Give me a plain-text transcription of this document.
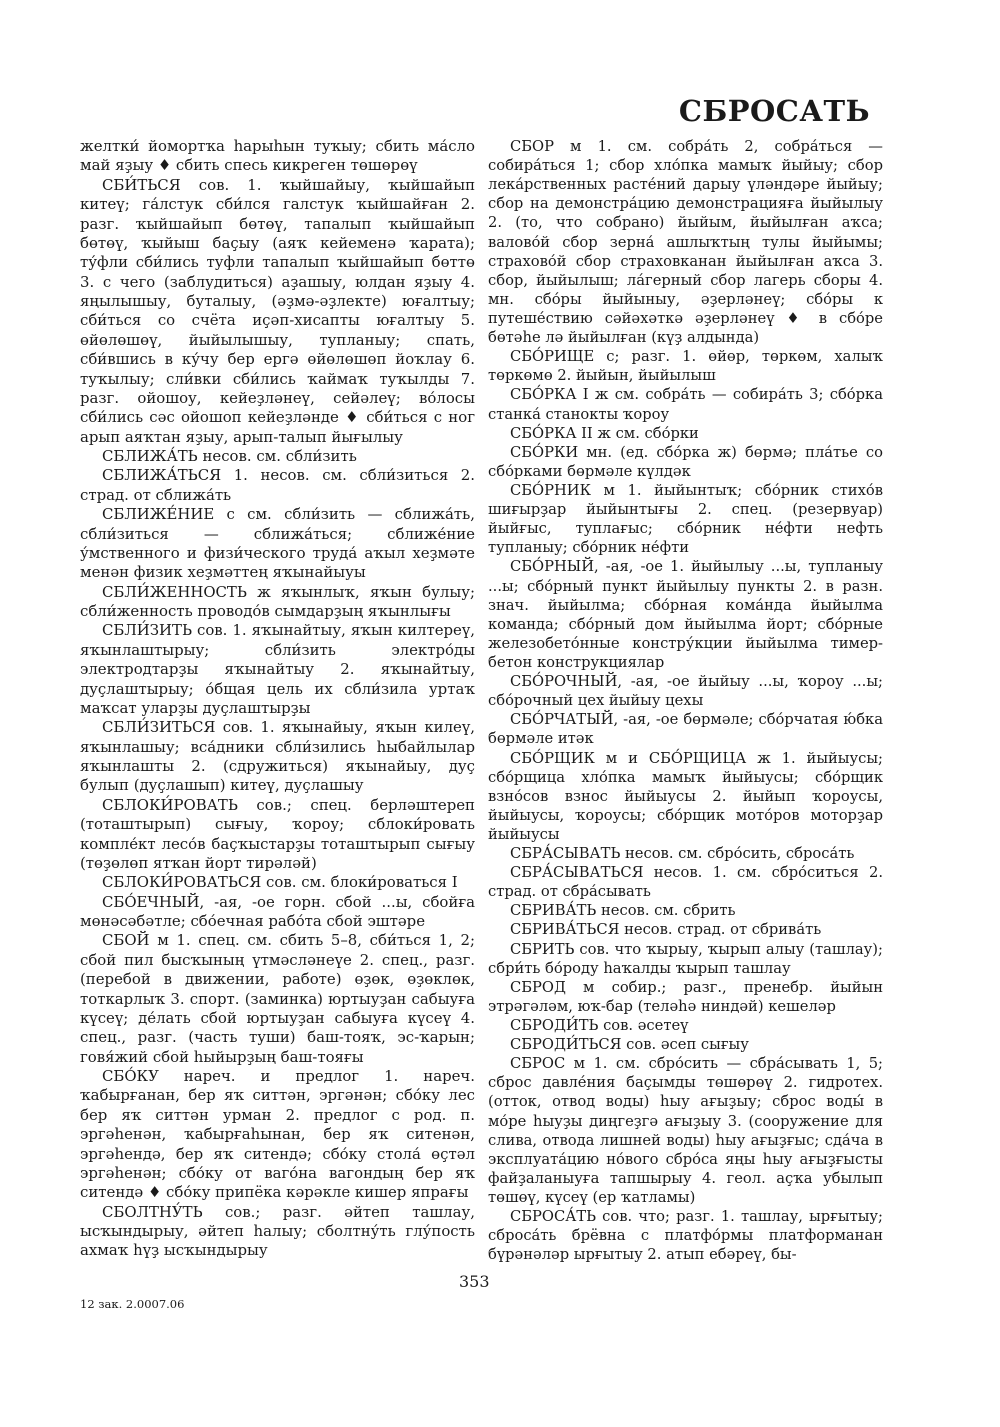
СБРОСАТЬ

желтки́ йомортҡа һарыһын туҡыу; сбить ма́сло май яҙыу ♦ сбить спесь кикреген төшөрөү

СБИ́ТЬСЯ сов. 1. ҡыйшайыу, ҡыйшайып китеү; га́лстук сби́лся галстук ҡыйшайған 2. разг. ҡыйшайып бөтөү, тапалып ҡыйшайып бөтөү, ҡыйыш баҫыу (аяҡ кейеменә ҡарата); ту́фли сби́лись туфли тапалып ҡыйшайып бөттө 3. с чего (заблудиться) аҙашыу, юлдан яҙыу 4. яңылышыу, буталыу, (әҙмә-әҙлекте) юғалтыу; сби́ться со счёта иҫәп-хисапты юғалтыу 5. өйөлөшөү, йыйылышыу, тупланыу; спать, сби́вшись в ку́чу бер ергә өйөлөшөп йоҡлау 6. туҡылыу; сли́вки сби́лись ҡаймаҡ туҡылды 7. разг. ойошоу, кейеҙләнеү, сейәлеү; во́лосы сби́лись сәс ойошоп кейеҙләнде ♦ сби́ться с ног арып аяҡтан яҙыу, арып-талып йығылыу

СБЛИЖА́ТЬ несов. см. сбли́зить

СБЛИЖА́ТЬСЯ 1. несов. см. сбли́зиться 2. страд. от сближа́ть

СБЛИЖЕ́НИЕ с см. сбли́зить — сближа́ть, сбли́зиться — сближа́ться; сближе́ние у́мственного и физи́ческого труда́ аҡыл хеҙмәте менән физик хеҙмәттең яҡынайыуы

СБЛИ́ЖЕННОСТЬ ж яҡынлыҡ, яҡын булыу; сбли́женность проводо́в сымдарҙың яҡынлығы

СБЛИ́ЗИТЬ сов. 1. яҡынайтыу, яҡын килтереү, яҡынлаштырыу; сбли́зить электро́ды электродтарҙы яҡынайтыу 2. яҡынайтыу, дуҫлаштырыу; о́бщая цель их сбли́зила уртаҡ маҡсат уларҙы дуҫлаштырҙы

СБЛИ́ЗИТЬСЯ сов. 1. яҡынайыу, яҡын килеү, яҡынлашыу; вса́дники сбли́зились һыбайлылар яҡынлашты 2. (сдружиться) яҡынайыу, дуҫ булып (дуҫлашып) китеү, дуҫлашыу

СБЛОКИ́РОВАТЬ сов.; спец. берләштереп (тоташтырып) сығыу, ҡороу; сблоки́ровать компле́кт лесо́в баҫҡыстарҙы тоташтырып сығыу (төҙөлөп ятҡан йорт тирәләй)

СБЛОКИ́РОВАТЬСЯ сов. см. блоки́роваться I

СБО́ЕЧНЫЙ, -ая, -ое горн. сбой ...ы, сбойға мөнәсәбәтле; сбо́ечная рабо́та сбой эштәре

СБОЙ м 1. спец. см. сбить 5–8, сби́ться 1, 2; сбой пил бысҡының үтмәсләнеүе 2. спец., разг. (перебой в движении, работе) өҙөк, өҙөклөк, тоткарлыҡ 3. спорт. (заминка) юртыуҙан сабыуға күсеү; де́лать сбой юртыуҙан сабыуға күсеү 4. спец., разг. (часть туши) баш-тояҡ, эс-ҡарын; говя́жий сбой һыйырҙың баш-тояғы

СБО́КУ нареч. и предлог 1. нареч. ҡабырғанан, бер яҡ ситтән, эргәнән; сбо́ку лес бер яҡ ситтән урман 2. предлог с род. п. эргәһенән, ҡабырғаһынан, бер яҡ ситенән, эргәһендә, бер яҡ ситендә; сбо́ку стола́ өҫтәл эргәһенән; сбо́ку от ваго́на вагондың бер яҡ ситендә ♦ сбо́ку припёка кәрәкле кишер япрағы

СБОЛТНУ́ТЬ сов.; разг. әйтеп ташлау, ысҡындырыу, әйтеп һалыу; сболтну́ть глу́пость ахмаҡ һүҙ ысҡындырыу

СБОР м 1. см. собра́ть 2, собра́ться — собира́ться 1; сбор хло́пка мамыҡ йыйыу; сбор лека́рственных расте́ний дарыу үләндәре йыйыу; сбор на демонстра́цию демонстрацияға йыйылыу 2. (то, что собрано) йыйым, йыйылған аҡса; валово́й сбор зерна́ ашлыҡтың тулы йыйымы; страхово́й сбор страховканан йыйылған аҡса 3. сбор, йыйылыш; ла́герный сбор лагерь сборы 4. мн. сбо́ры йыйыныу, әҙерләнеү; сбо́ры к путеше́ствию сәйәхәткә әҙерләнеү ♦ в сбо́ре бөтәһе лә йыйылған (күҙ алдында)

СБО́РИЩЕ с; разг. 1. өйөр, төркөм, халыҡ төркөмө 2. йыйын, йыйылыш

СБО́РКА I ж см. собра́ть — собира́ть 3; сбо́рка станка́ станокты ҡороу

СБО́РКА II ж см. сбо́рки

СБО́РКИ мн. (ед. сбо́рка ж) бөрмә; пла́тье со сбо́рками бөрмәле күлдәк

СБО́РНИК м 1. йыйынтыҡ; сбо́рник стихо́в шиғырҙар йыйынтығы 2. спец. (резервуар) йыйғыс, туплағыс; сбо́рник не́фти нефть тупланыу; сбо́рник не́фти

СБО́РНЫЙ, -ая, -ое 1. йыйылыу ...ы, тупланыу ...ы; сбо́рный пункт йыйылыу пункты 2. в разн. знач. йыйылма; сбо́рная кома́нда йыйылма команда; сбо́рный дом йыйылма йорт; сбо́рные железобето́нные констру́кции йыйылма тимер-бетон конструкциялар

СБО́РОЧНЫЙ, -ая, -ое йыйыу ...ы, ҡороу ...ы; сбо́рочный цех йыйыу цехы

СБО́РЧАТЫЙ, -ая, -ое бөрмәле; сбо́рчатая ю́бка бөрмәле итәк

СБО́РЩИК м и СБО́РЩИЦА ж 1. йыйыусы; сбо́рщица хло́пка мамыҡ йыйыусы; сбо́рщик взно́сов взнос йыйыусы 2. йыйып ҡороусы, йыйыусы, ҡороусы; сбо́рщик мото́ров моторҙар йыйыусы

СБРА́СЫВАТЬ несов. см. сбро́сить, сброса́ть

СБРА́СЫВАТЬСЯ несов. 1. см. сбро́ситься 2. страд. от сбра́сывать

СБРИВА́ТЬ несов. см. сбрить

СБРИВА́ТЬСЯ несов. страд. от сбрива́ть

СБРИТЬ сов. что ҡырыу, ҡырып алыу (ташлау); сбри́ть бо́роду һаҡалды ҡырып ташлау

СБРОД м собир.; разг., пренебр. йыйын этрәгәләм, юҡ-бар (теләһә ниндәй) кешеләр

СБРОДИ́ТЬ сов. әсетеү

СБРОДИ́ТЬСЯ сов. әсеп сығыу

СБРОС м 1. см. сбро́сить — сбра́сывать 1, 5; сброс давле́ния баҫымды төшөрөү 2. гидротех. (отток, отвод воды) һыу ағыҙыу; сброс воды́ в мо́ре һыуҙы диңгеҙгә ағыҙыу 3. (сооружение для слива, отвода лишней воды) һыу ағыҙғыс; сда́ча в эксплуата́цию но́вого сбро́са яңы һыу ағыҙғысты файҙаланыуға тапшырыу 4. геол. аҫҡа убылып төшөү, күсеү (ер ҡатламы)

СБРОСА́ТЬ сов. что; разг. 1. ташлау, ырғытыу; сброса́ть брёвна с платфо́рмы платформанан бүрәнәләр ырғытыу 2. атып ебәреү, бы-

353
12 зак. 2.0007.06
